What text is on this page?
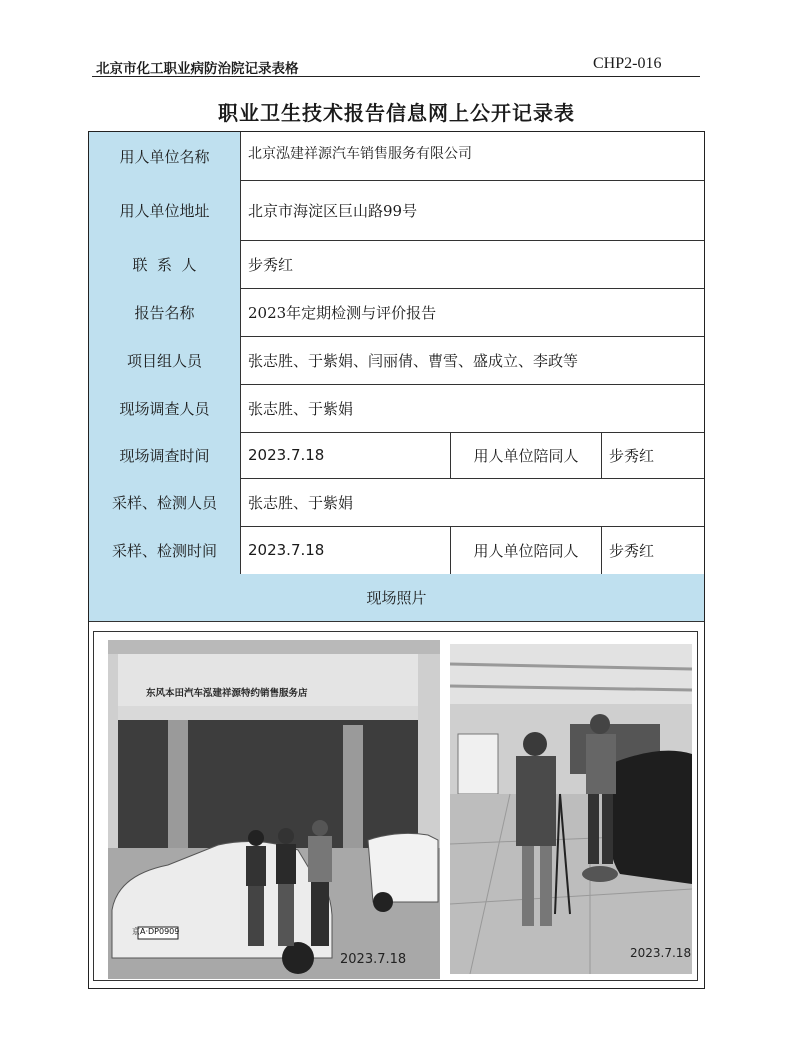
北京市化工职业病防治院记录表格	CHP2-016
职业卫生技术报告信息网上公开记录表
用人单位名称	北京泓建祥源汽车销售服务有限公司
用人单位地址	北京市海淀区巨山路99号
联  系  人	步秀红
报告名称	2023年定期检测与评价报告
项目组人员	张志胜、于紫娟、闫丽倩、曹雪、盛成立、李政等
现场调查人员	张志胜、于紫娟
现场调查时间	2023.7.18	用人单位陪同人	步秀红
采样、检测人员	张志胜、于紫娟
采样、检测时间	2023.7.18	用人单位陪同人	步秀红
现场照片
东风本田汽车泓建祥源特约销售服务店
京A·DP0909
2023.7.18	2023.7.18
